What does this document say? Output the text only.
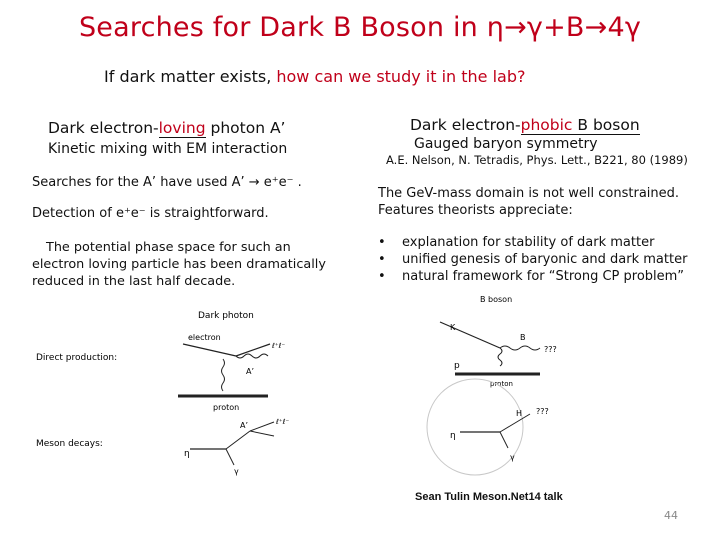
Searches for Dark B Boson in η→γ+B→4γ
If dark matter exists, how can we study it in the lab?
Dark electron-loving photon A’
Kinetic mixing with EM interaction
Searches for the A’ have used A’ → e⁺e⁻ .
Detection of e⁺e⁻ is straightforward.
The potential phase space for such an electron loving particle has been dramatically reduced in the last half decade.
Dark photon
electron
Direct production:
ℓ⁺ℓ⁻
A’
proton
Meson decays:
η
ℓ⁺ℓ⁻
A’
γ
Dark electron-phobic B boson
Gauged baryon symmetry
A.E. Nelson, N. Tetradis, Phys. Lett., B221, 80 (1989)
The GeV-mass domain is not well constrained.
Features theorists appreciate:
• explanation for stability of dark matter
• unified genesis of baryonic and dark matter
• natural framework for “Strong CP problem”
B boson
K
B
???
p
proton
η
H ???
γ
Sean Tulin Meson.Net14 talk
44
